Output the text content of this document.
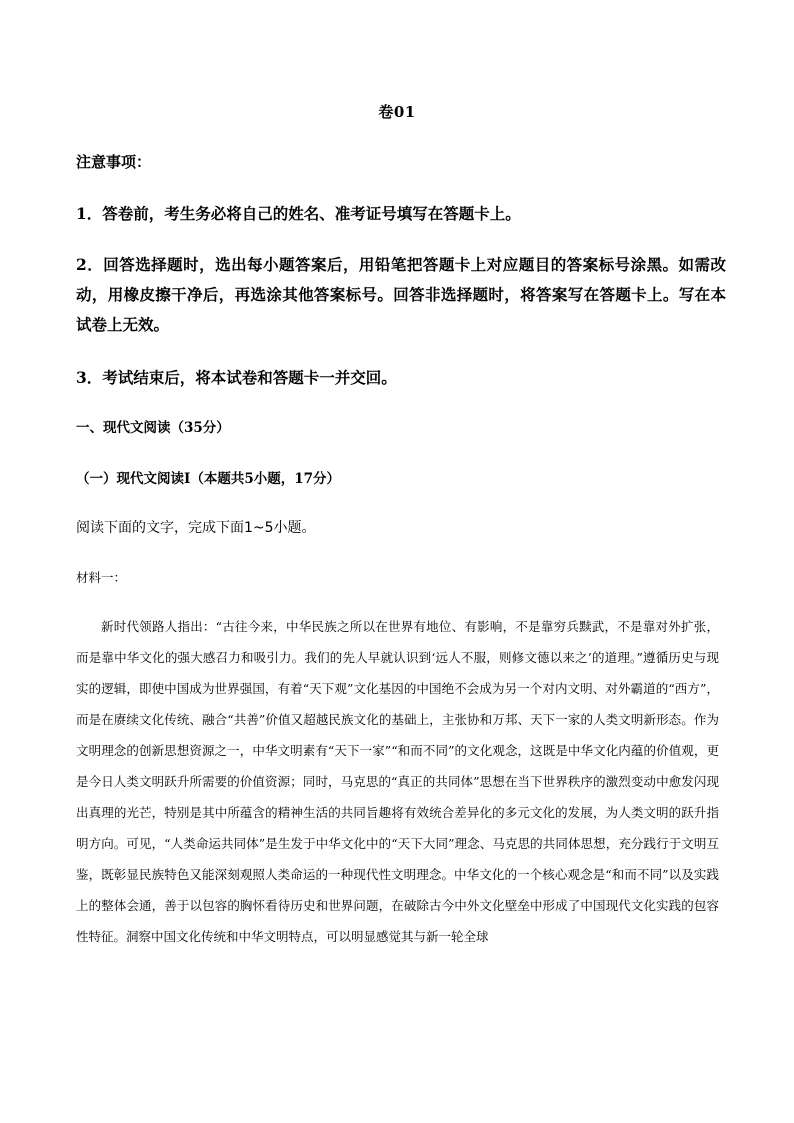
卷01
注意事项：
1．答卷前，考生务必将自己的姓名、准考证号填写在答题卡上。
2．回答选择题时，选出每小题答案后，用铅笔把答题卡上对应题目的答案标号涂黑。如需改动，用橡皮擦干净后，再选涂其他答案标号。回答非选择题时，将答案写在答题卡上。写在本试卷上无效。
3．考试结束后，将本试卷和答题卡一并交回。
一、现代文阅读（35分）
（一）现代文阅读I（本题共5小题，17分）
阅读下面的文字，完成下面1~5小题。
材料一：

新时代领路人指出：“古往今来，中华民族之所以在世界有地位、有影响，不是靠穷兵黩武，不是靠对外扩张，而是靠中华文化的强大感召力和吸引力。我们的先人早就认识到‘远人不服，则修文德以来之’的道理。”遵循历史与现实的逻辑，即使中国成为世界强国，有着“天下观”文化基因的中国绝不会成为另一个对内文明、对外霸道的“西方”，而是在赓续文化传统、融合“共善”价值又超越民族文化的基础上，主张协和万邦、天下一家的人类文明新形态。作为文明理念的创新思想资源之一，中华文明素有“天下一家”“和而不同”的文化观念，这既是中华文化内蕴的价值观，更是今日人类文明跃升所需要的价值资源；同时，马克思的“真正的共同体”思想在当下世界秩序的激烈变动中愈发闪现出真理的光芒，特别是其中所蕴含的精神生活的共同旨趣将有效统合差异化的多元文化的发展，为人类文明的跃升指明方向。可见，“人类命运共同体”是生发于中华文化中的“天下大同”理念、马克思的共同体思想，充分践行于文明互鉴，既彰显民族特色又能深刻观照人类命运的一种现代性文明理念。中华文化的一个核心观念是“和而不同”以及实践上的整体会通，善于以包容的胸怀看待历史和世界问题，在破除古今中外文化壁垒中形成了中国现代文化实践的包容性特征。洞察中国文化传统和中华文明特点，可以明显感觉其与新一轮全球
